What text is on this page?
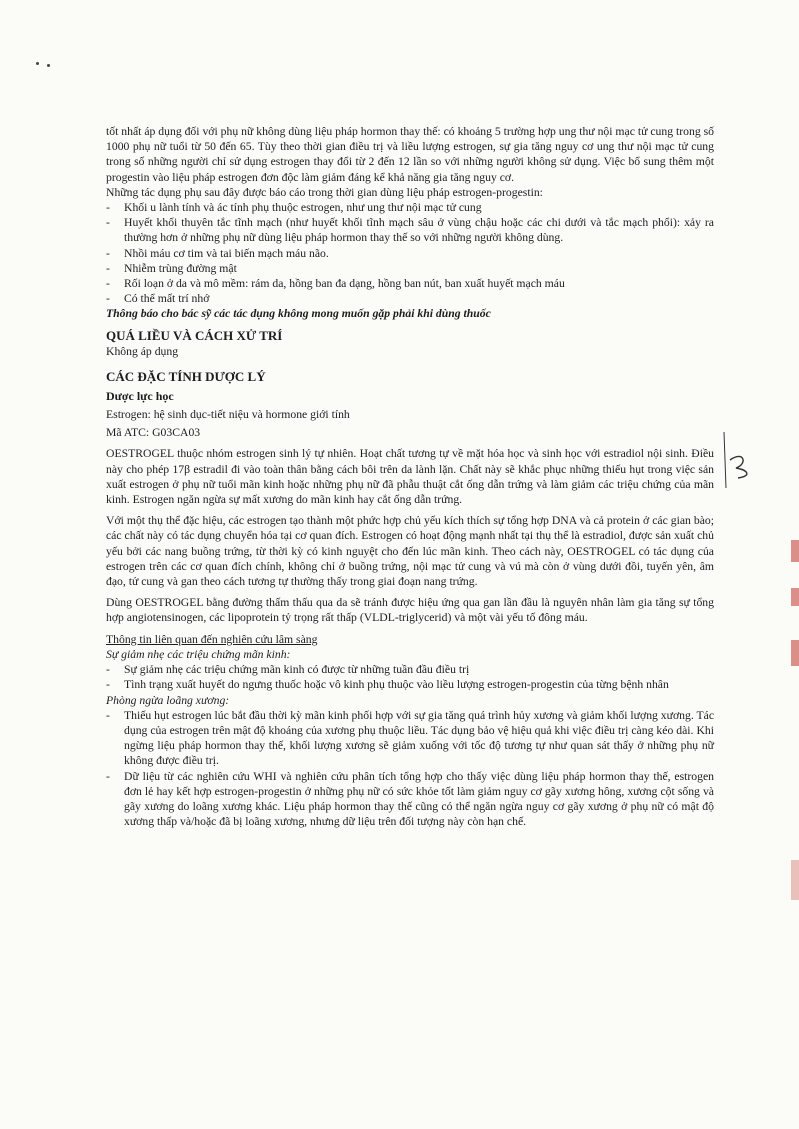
tốt nhất áp dụng đối với phụ nữ không dùng liệu pháp hormon thay thế: có khoảng 5 trường hợp ung thư nội mạc tử cung trong số 1000 phụ nữ tuổi từ 50 đến 65. Tùy theo thời gian điều trị và liều lượng estrogen, sự gia tăng nguy cơ ung thư nội mạc tử cung trong số những người chỉ sử dụng estrogen thay đổi từ 2 đến 12 lần so với những người không sử dụng. Việc bổ sung thêm một progestin vào liệu pháp estrogen đơn độc làm giảm đáng kể khả năng gia tăng nguy cơ.

Những tác dụng phụ sau đây được báo cáo trong thời gian dùng liệu pháp estrogen-progestin:

- Khối u lành tính và ác tính phụ thuộc estrogen, như ung thư nội mạc tử cung
- Huyết khối thuyên tắc tĩnh mạch (như huyết khối tĩnh mạch sâu ở vùng chậu hoặc các chi dưới và tắc mạch phổi): xảy ra thường hơn ở những phụ nữ dùng liệu pháp hormon thay thế so với những người không dùng.
- Nhồi máu cơ tim và tai biến mạch máu não.
- Nhiễm trùng đường mật
- Rối loạn ở da và mô mềm: rám da, hồng ban đa dạng, hồng ban nút, ban xuất huyết mạch máu
- Có thể mất trí nhớ

Thông báo cho bác sỹ các tác dụng không mong muốn gặp phải khi dùng thuốc

QUÁ LIỀU VÀ CÁCH XỬ TRÍ

Không áp dụng

CÁC ĐẶC TÍNH DƯỢC LÝ

Dược lực học

Estrogen: hệ sinh dục-tiết niệu và hormone giới tính

Mã ATC: G03CA03

OESTROGEL thuộc nhóm estrogen sinh lý tự nhiên. Hoạt chất tương tự về mặt hóa học và sinh học với estradiol nội sinh. Điều này cho phép 17β estradil đi vào toàn thân bằng cách bôi trên da lành lặn. Chất này sẽ khắc phục những thiếu hụt trong việc sản xuất estrogen ở phụ nữ tuổi mãn kinh hoặc những phụ nữ đã phẫu thuật cắt ống dẫn trứng và làm giảm các triệu chứng của mãn kinh. Estrogen ngăn ngừa sự mất xương do mãn kinh hay cắt ống dẫn trứng.

Với một thụ thể đặc hiệu, các estrogen tạo thành một phức hợp chủ yếu kích thích sự tổng hợp DNA và cả protein ở các gian bào; các chất này có tác dụng chuyển hóa tại cơ quan đích. Estrogen có hoạt động mạnh nhất tại thụ thể là estradiol, được sản xuất chủ yếu bởi các nang buồng trứng, từ thời kỳ có kinh nguyệt cho đến lúc mãn kinh. Theo cách này, OESTROGEL có tác dụng của estrogen trên các cơ quan đích chính, không chỉ ở buồng trứng, nội mạc tử cung và vú mà còn ở vùng dưới đồi, tuyến yên, âm đạo, tử cung và gan theo cách tương tự thường thấy trong giai đoạn nang trứng.

Dùng OESTROGEL bằng đường thấm thấu qua da sẽ tránh được hiệu ứng qua gan lần đầu là nguyên nhân làm gia tăng sự tổng hợp angiotensinogen, các lipoprotein tỷ trọng rất thấp (VLDL-triglycerid) và một vài yếu tố đông máu.

Thông tin liên quan đến nghiên cứu lâm sàng

Sự giảm nhẹ các triệu chứng mãn kinh:

- Sự giảm nhẹ các triệu chứng mãn kinh có được từ những tuần đầu điều trị
- Tình trạng xuất huyết do ngưng thuốc hoặc vô kinh phụ thuộc vào liều lượng estrogen-progestin của từng bệnh nhân

Phòng ngừa loãng xương:

- Thiếu hụt estrogen lúc bắt đầu thời kỳ mãn kinh phối hợp với sự gia tăng quá trình hủy xương và giảm khối lượng xương. Tác dụng của estrogen trên mật độ khoáng của xương phụ thuộc liều. Tác dụng bảo vệ hiệu quả khi việc điều trị càng kéo dài. Khi ngừng liệu pháp hormon thay thế, khối lượng xương sẽ giảm xuống với tốc độ tương tự như quan sát thấy ở những phụ nữ không được điều trị.
- Dữ liệu từ các nghiên cứu WHI và nghiên cứu phân tích tổng hợp cho thấy việc dùng liệu pháp hormon thay thế, estrogen đơn lẻ hay kết hợp estrogen-progestin ở những phụ nữ có sức khỏe tốt làm giảm nguy cơ gãy xương hông, xương cột sống và gãy xương do loãng xương khác. Liệu pháp hormon thay thế cũng có thể ngăn ngừa nguy cơ gãy xương ở phụ nữ có mật độ xương thấp và/hoặc đã bị loãng xương, nhưng dữ liệu trên đối tượng này còn hạn chế.
